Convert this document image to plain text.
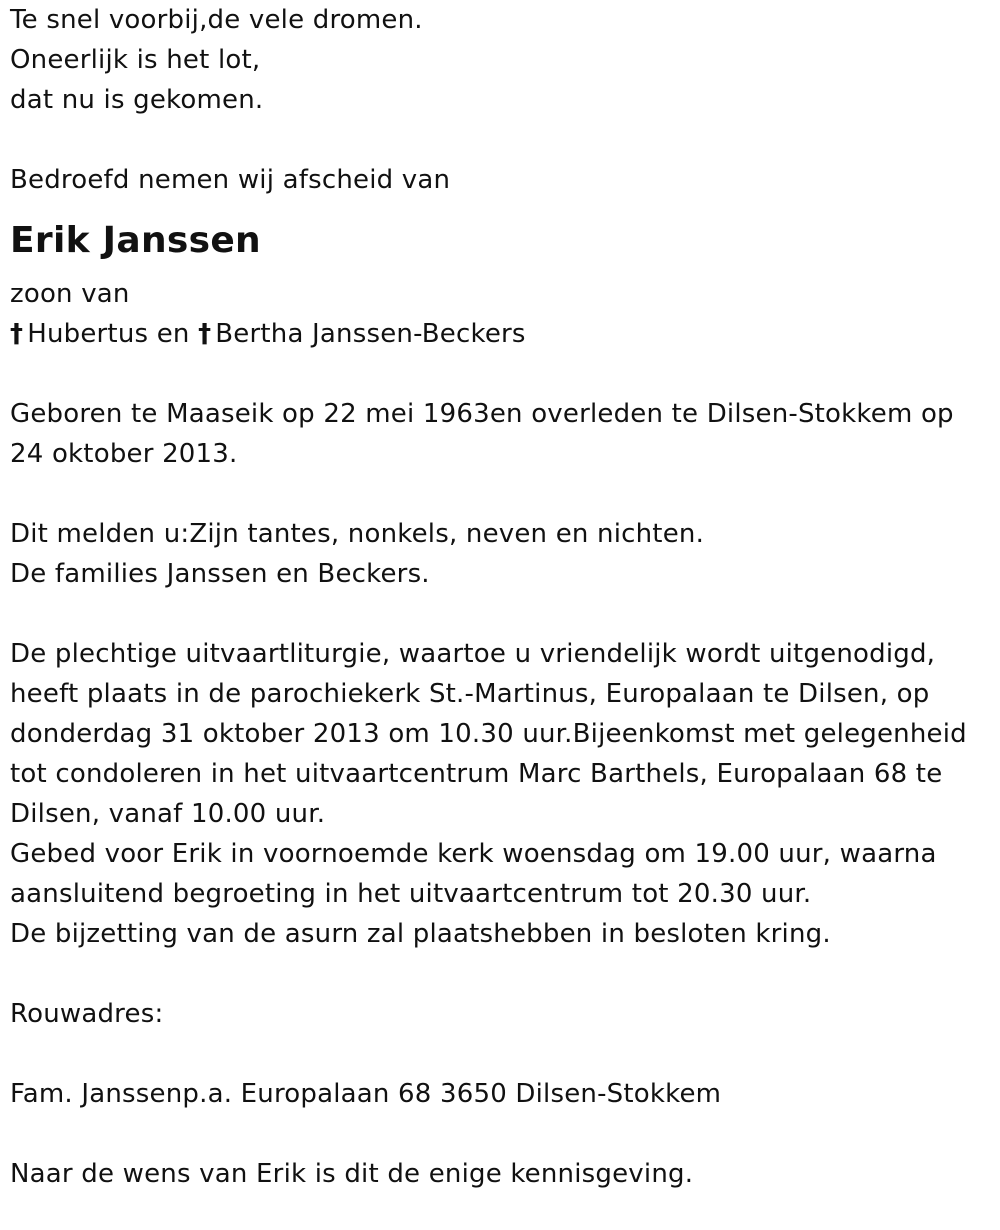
Te snel voorbij,de vele dromen.
Oneerlijk is het lot,
dat nu is gekomen.
Bedroefd nemen wij afscheid van
Erik Janssen
zoon van
† Hubertus en † Bertha Janssen-Beckers
Geboren te Maaseik op 22 mei 1963en overleden te Dilsen-Stokkem op 24 oktober 2013.
Dit melden u:Zijn tantes, nonkels, neven en nichten.
De families Janssen en Beckers.
De plechtige uitvaartliturgie, waartoe u vriendelijk wordt uitgenodigd,
heeft plaats in de parochiekerk St.-Martinus, Europalaan te Dilsen, op
donderdag 31 oktober 2013 om 10.30 uur.Bijeenkomst met gelegenheid
tot condoleren in het uitvaartcentrum Marc Barthels, Europalaan 68 te
Dilsen, vanaf 10.00 uur.
Gebed voor Erik in voornoemde kerk woensdag om 19.00 uur, waarna
aansluitend begroeting in het uitvaartcentrum tot 20.30 uur.
De bijzetting van de asurn zal plaatshebben in besloten kring.
Rouwadres:
Fam. Janssenp.a. Europalaan 68 3650 Dilsen-Stokkem
Naar de wens van Erik is dit de enige kennisgeving.
